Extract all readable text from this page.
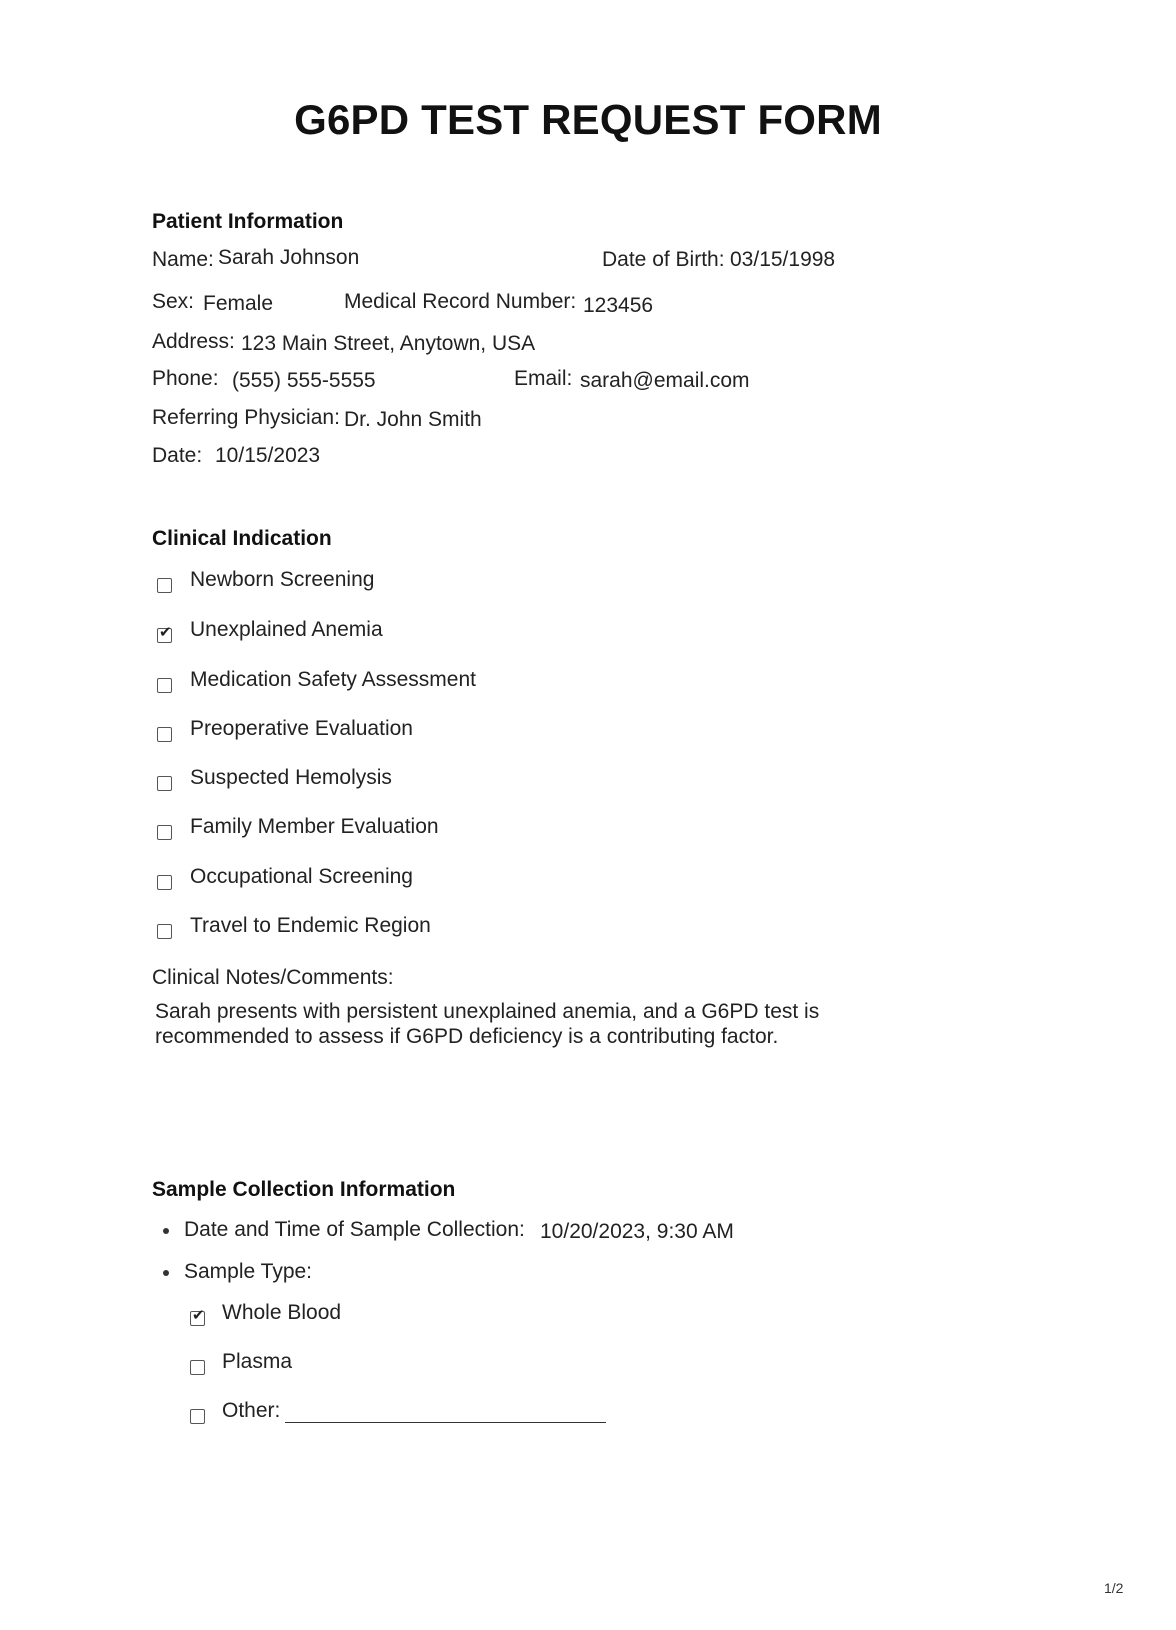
G6PD TEST REQUEST FORM
Patient Information
Name: Sarah Johnson	Date of Birth: 03/15/1998
Sex: Female	Medical Record Number: 123456
Address: 123 Main Street, Anytown, USA
Phone: (555) 555-5555	Email: sarah@email.com
Referring Physician: Dr. John Smith
Date: 10/15/2023
Clinical Indication
Newborn Screening
✔ Unexplained Anemia
Medication Safety Assessment
Preoperative Evaluation
Suspected Hemolysis
Family Member Evaluation
Occupational Screening
Travel to Endemic Region
Clinical Notes/Comments:
Sarah presents with persistent unexplained anemia, and a G6PD test is recommended to assess if G6PD deficiency is a contributing factor.
Sample Collection Information
Date and Time of Sample Collection: 10/20/2023, 9:30 AM
Sample Type:
✔ Whole Blood
Plasma
Other:
1/2
